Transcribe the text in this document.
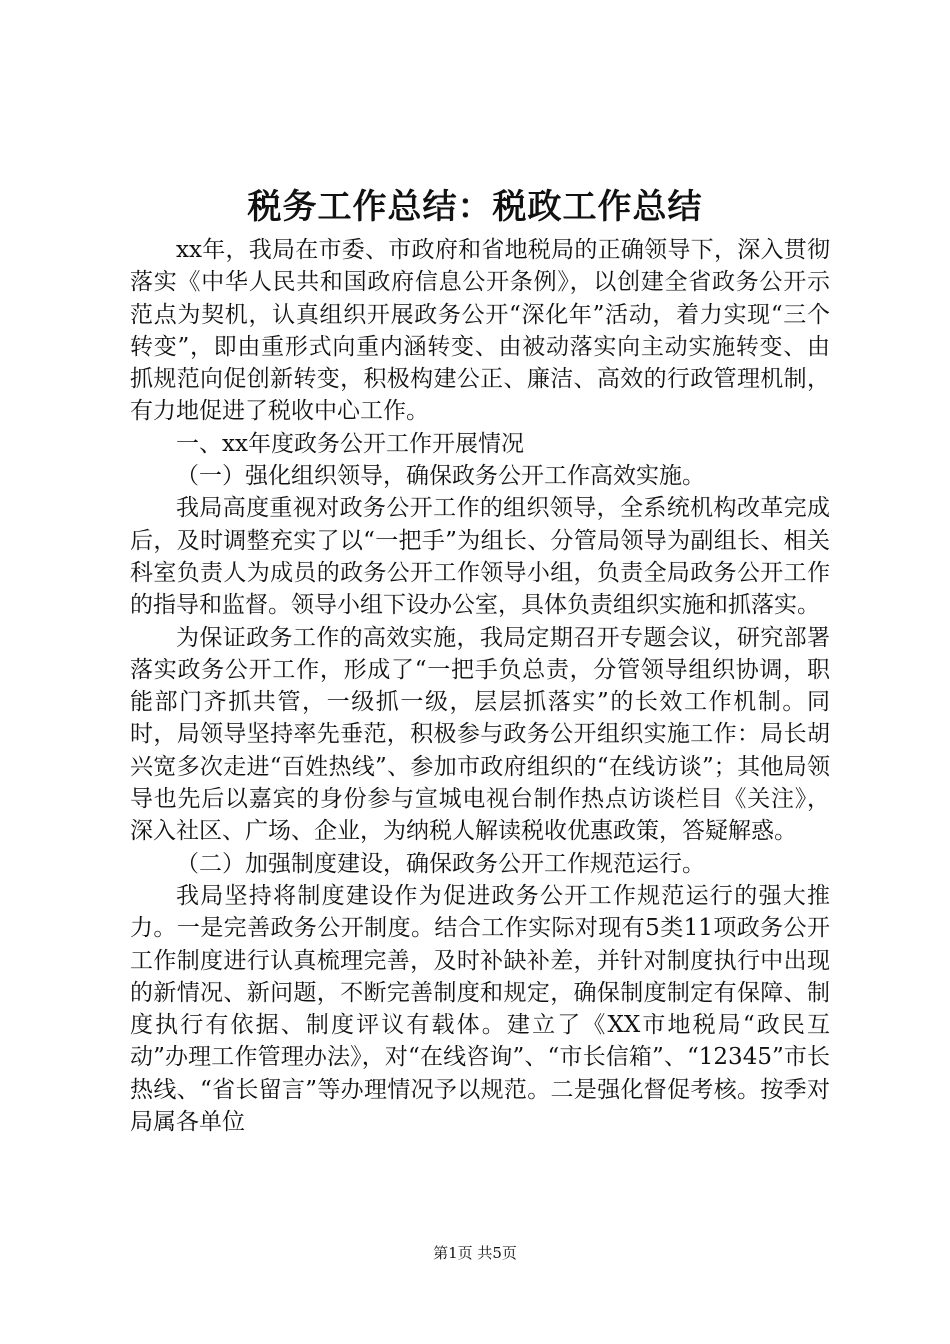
税务工作总结：税政工作总结

xx年，我局在市委、市政府和省地税局的正确领导下，深入贯彻落实《中华人民共和国政府信息公开条例》，以创建全省政务公开示范点为契机，认真组织开展政务公开“深化年”活动，着力实现“三个转变”，即由重形式向重内涵转变、由被动落实向主动实施转变、由抓规范向促创新转变，积极构建公正、廉洁、高效的行政管理机制，有力地促进了税收中心工作。

一、xx年度政务公开工作开展情况

（一）强化组织领导，确保政务公开工作高效实施。

我局高度重视对政务公开工作的组织领导，全系统机构改革完成后，及时调整充实了以“一把手”为组长、分管局领导为副组长、相关科室负责人为成员的政务公开工作领导小组，负责全局政务公开工作的指导和监督。领导小组下设办公室，具体负责组织实施和抓落实。

为保证政务工作的高效实施，我局定期召开专题会议，研究部署落实政务公开工作，形成了“一把手负总责，分管领导组织协调，职能部门齐抓共管，一级抓一级，层层抓落实”的长效工作机制。同时，局领导坚持率先垂范，积极参与政务公开组织实施工作：局长胡兴宽多次走进“百姓热线”、参加市政府组织的“在线访谈”；其他局领导也先后以嘉宾的身份参与宣城电视台制作热点访谈栏目《关注》，深入社区、广场、企业，为纳税人解读税收优惠政策，答疑解惑。

（二）加强制度建设，确保政务公开工作规范运行。

我局坚持将制度建设作为促进政务公开工作规范运行的强大推力。一是完善政务公开制度。结合工作实际对现有5类11项政务公开工作制度进行认真梳理完善，及时补缺补差，并针对制度执行中出现的新情况、新问题，不断完善制度和规定，确保制度制定有保障、制度执行有依据、制度评议有载体。建立了《XX市地税局“政民互动”办理工作管理办法》，对“在线咨询”、“市长信箱”、“12345”市长热线、“省长留言”等办理情况予以规范。二是强化督促考核。按季对局属各单位

第1页 共5页
